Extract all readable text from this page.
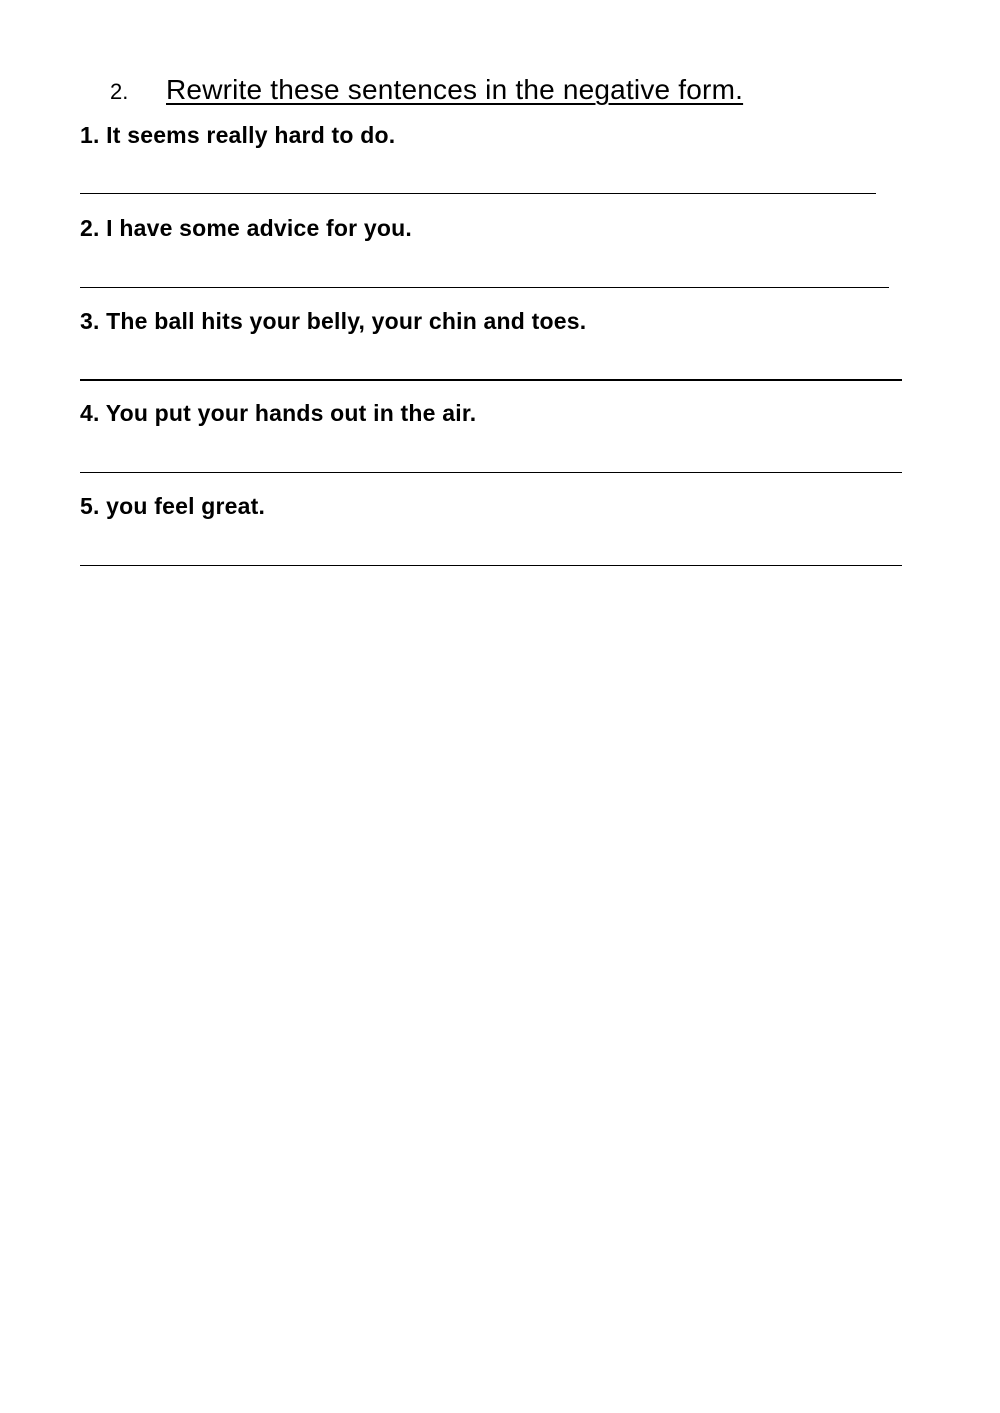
2.	Rewrite these sentences in the negative form.
1. It seems really hard to do.
2. I have some advice for you.
3. The ball hits your belly, your chin and toes.
4. You put your hands out in the air.
5. you feel great.
